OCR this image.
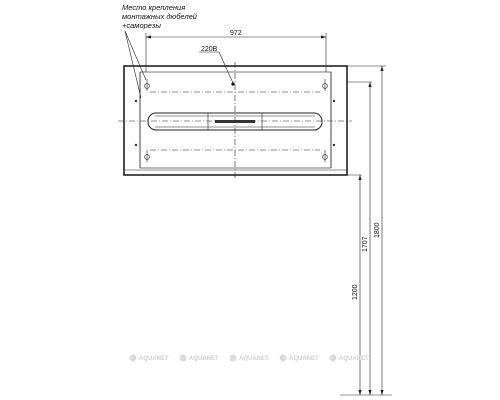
Место крепления
монтажных дюбелей
+саморезы
972
220В
1200
1707
1800
AQUANET	AQUANET	AQUANET	AQUANET	AQUANET
